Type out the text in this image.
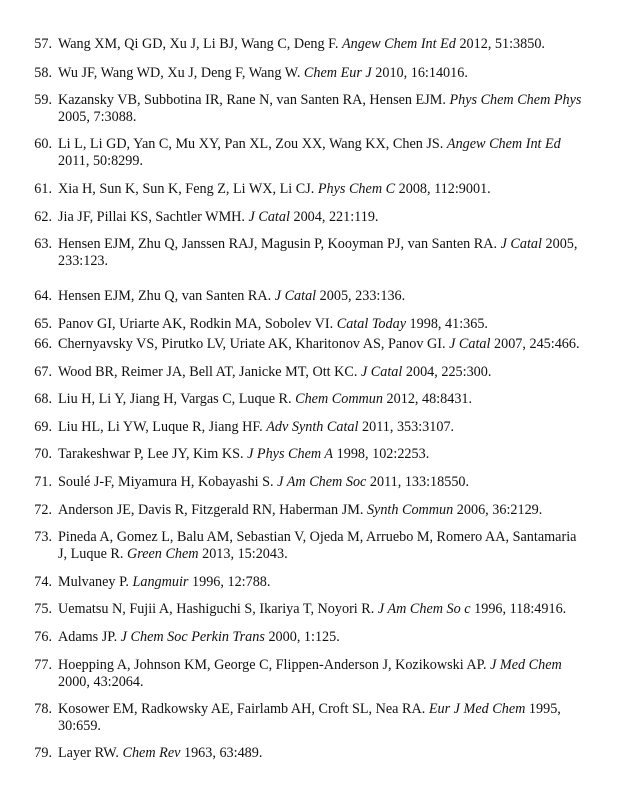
57. Wang XM, Qi GD, Xu J, Li BJ, Wang C, Deng F. Angew Chem Int Ed 2012, 51:3850.
58. Wu JF, Wang WD, Xu J, Deng F, Wang W. Chem Eur J 2010, 16:14016.
59. Kazansky VB, Subbotina IR, Rane N, van Santen RA, Hensen EJM. Phys Chem Chem Phys 2005, 7:3088.
60. Li L, Li GD, Yan C, Mu XY, Pan XL, Zou XX, Wang KX, Chen JS. Angew Chem Int Ed 2011, 50:8299.
61. Xia H, Sun K, Sun K, Feng Z, Li WX, Li CJ. Phys Chem C 2008, 112:9001.
62. Jia JF, Pillai KS, Sachtler WMH. J Catal 2004, 221:119.
63. Hensen EJM, Zhu Q, Janssen RAJ, Magusin P, Kooyman PJ, van Santen RA. J Catal 2005, 233:123.
64. Hensen EJM, Zhu Q, van Santen RA. J Catal 2005, 233:136.
65. Panov GI, Uriarte AK, Rodkin MA, Sobolev VI. Catal Today 1998, 41:365.
66. Chernyavsky VS, Pirutko LV, Uriate AK, Kharitonov AS, Panov GI. J Catal 2007, 245:466.
67. Wood BR, Reimer JA, Bell AT, Janicke MT, Ott KC. J Catal 2004, 225:300.
68. Liu H, Li Y, Jiang H, Vargas C, Luque R. Chem Commun 2012, 48:8431.
69. Liu HL, Li YW, Luque R, Jiang HF. Adv Synth Catal 2011, 353:3107.
70. Tarakeshwar P, Lee JY, Kim KS. J Phys Chem A 1998, 102:2253.
71. Soulé J-F, Miyamura H, Kobayashi S. J Am Chem Soc 2011, 133:18550.
72. Anderson JE, Davis R, Fitzgerald RN, Haberman JM. Synth Commun 2006, 36:2129.
73. Pineda A, Gomez L, Balu AM, Sebastian V, Ojeda M, Arruebo M, Romero AA, Santamaria J, Luque R. Green Chem 2013, 15:2043.
74. Mulvaney P. Langmuir 1996, 12:788.
75. Uematsu N, Fujii A, Hashiguchi S, Ikariya T, Noyori R. J Am Chem So c 1996, 118:4916.
76. Adams JP. J Chem Soc Perkin Trans 2000, 1:125.
77. Hoepping A, Johnson KM, George C, Flippen-Anderson J, Kozikowski AP. J Med Chem 2000, 43:2064.
78. Kosower EM, Radkowsky AE, Fairlamb AH, Croft SL, Nea RA. Eur J Med Chem 1995, 30:659.
79. Layer RW. Chem Rev 1963, 63:489.
